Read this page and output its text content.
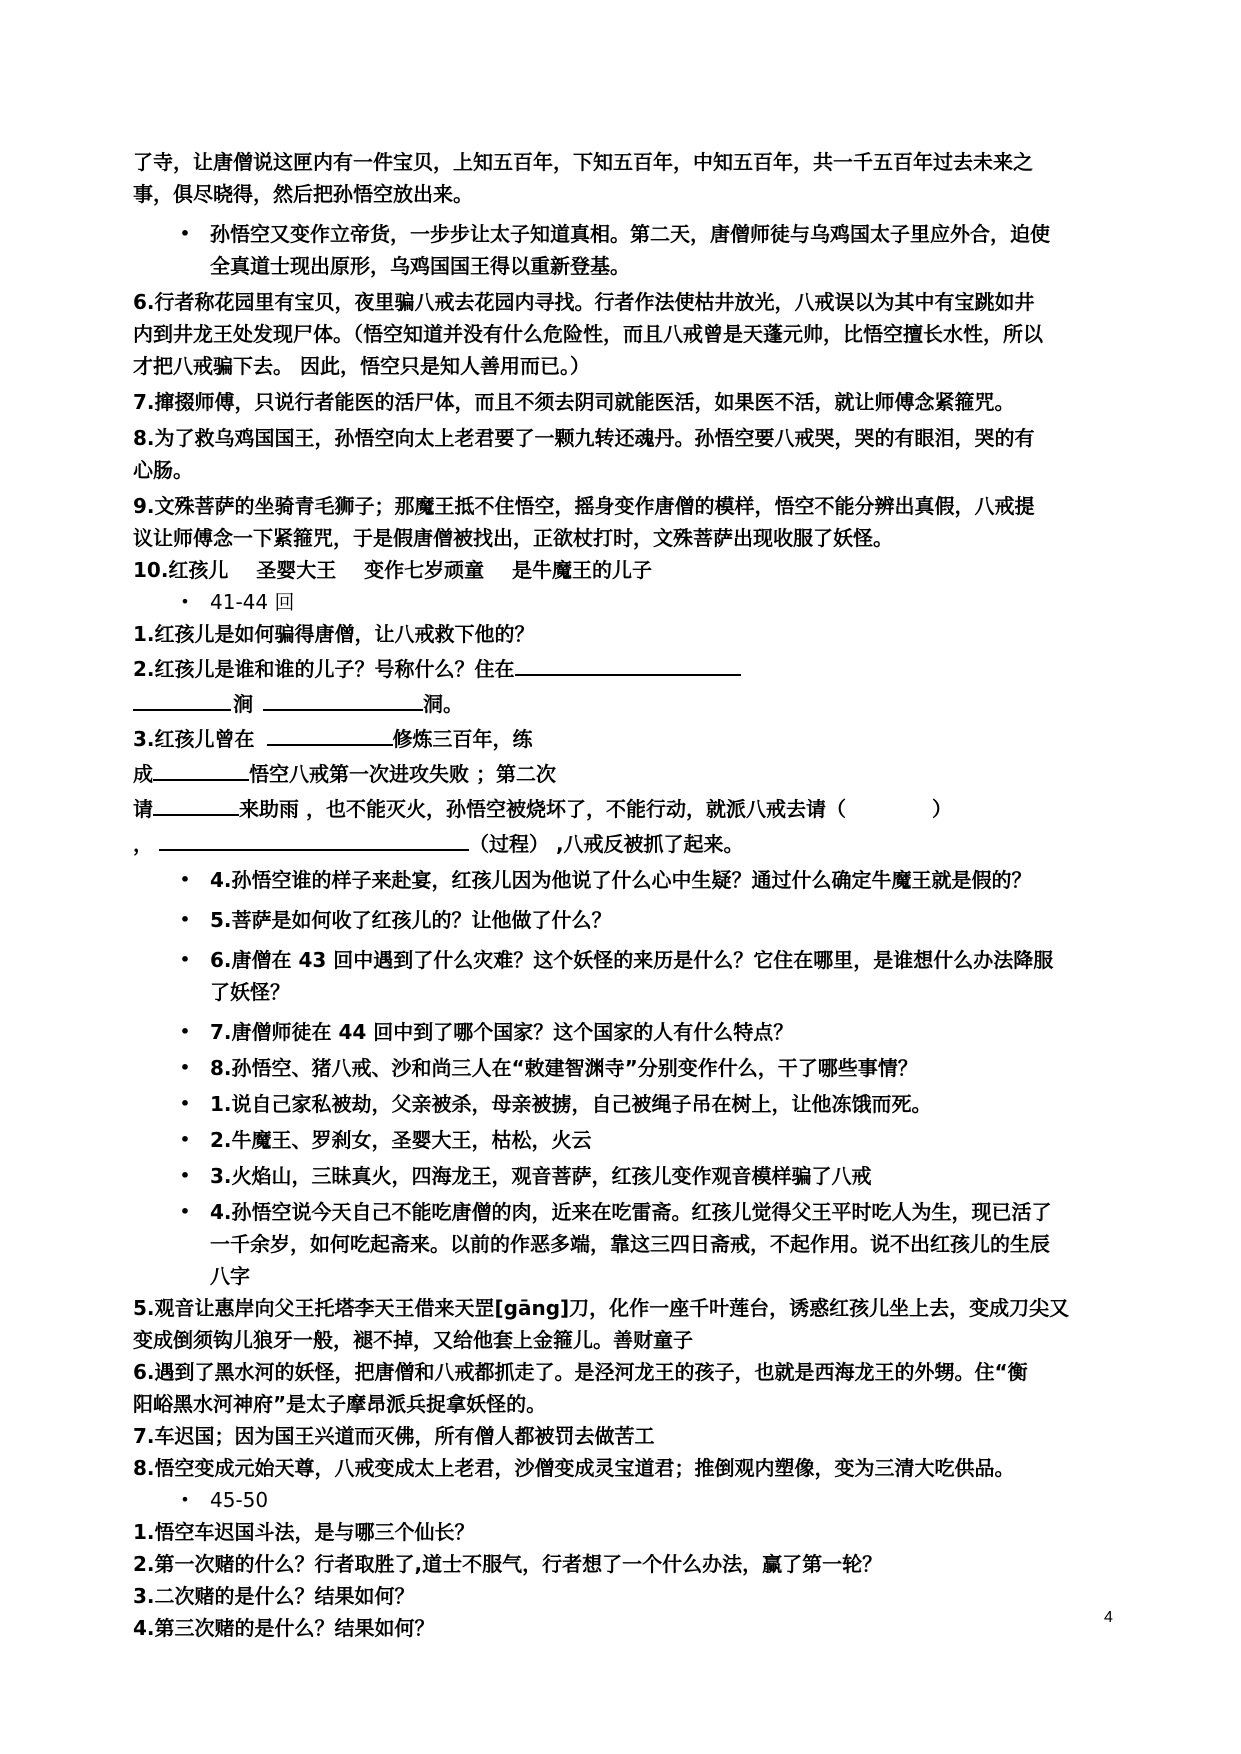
了寺，让唐僧说这匣内有一件宝贝，上知五百年，下知五百年，中知五百年，共一千五百年过去未来之

事，俱尽晓得，然后把孙悟空放出来。

• 孙悟空又变作立帝货，一步步让太子知道真相。第二天，唐僧师徒与乌鸡国太子里应外合，迫使
全真道士现出原形，乌鸡国国王得以重新登基。

6.行者称花园里有宝贝，夜里骗八戒去花园内寻找。行者作法使枯井放光，八戒误以为其中有宝跳如井

内到井龙王处发现尸体。（悟空知道并没有什么危险性，而且八戒曾是天蓬元帅，比悟空擅长水性，所以

才把八戒骗下去。 因此，悟空只是知人善用而已。）

7.撺掇师傅，只说行者能医的活尸体，而且不须去阴司就能医活，如果医不活，就让师傅念紧箍咒。

8.为了救乌鸡国国王，孙悟空向太上老君要了一颗九转还魂丹。孙悟空要八戒哭，哭的有眼泪，哭的有

心肠。

9.文殊菩萨的坐骑青毛狮子；那魔王抵不住悟空，摇身变作唐僧的模样，悟空不能分辨出真假，八戒提

议让师傅念一下紧箍咒，于是假唐僧被找出，正欲杖打时，文殊菩萨出现收服了妖怪。

10.红孩儿    圣婴大王    变作七岁顽童    是牛魔王的儿子

• 41-44 回

1.红孩儿是如何骗得唐僧，让八戒救下他的？

2.红孩儿是谁和谁的儿子？号称什么？住在

涧	洞。

3.红孩儿曾在	修炼三百年，练

成	悟空八戒第一次进攻失败 ；第二次

请	来助雨 ，也不能灭火，孙悟空被烧坏了，不能行动，就派八戒去请（	）

，	（过程） ,八戒反被抓了起来。

• 4.孙悟空谁的样子来赴宴，红孩儿因为他说了什么心中生疑？通过什么确定牛魔王就是假的？
• 5.菩萨是如何收了红孩儿的？让他做了什么？
• 6.唐僧在 43 回中遇到了什么灾难？这个妖怪的来历是什么？它住在哪里，是谁想什么办法降服
了妖怪？
• 7.唐僧师徒在 44 回中到了哪个国家？这个国家的人有什么特点？
• 8.孙悟空、猪八戒、沙和尚三人在“敕建智渊寺”分别变作什么，干了哪些事情？
• 1.说自己家私被劫，父亲被杀，母亲被掳，自己被绳子吊在树上，让他冻饿而死。
• 2.牛魔王、罗刹女，圣婴大王，枯松，火云
• 3.火焰山，三昧真火，四海龙王，观音菩萨，红孩儿变作观音模样骗了八戒
• 4.孙悟空说今天自己不能吃唐僧的肉，近来在吃雷斋。红孩儿觉得父王平时吃人为生，现已活了
一千余岁，如何吃起斋来。以前的作恶多端，靠这三四日斋戒，不起作用。说不出红孩儿的生辰
八字

5.观音让惠岸向父王托塔李天王借来天罡[gāng]刀，化作一座千叶莲台，诱惑红孩儿坐上去，变成刀尖又

变成倒须钩儿狼牙一般，褪不掉，又给他套上金箍儿。善财童子

6.遇到了黑水河的妖怪，把唐僧和八戒都抓走了。是泾河龙王的孩子，也就是西海龙王的外甥。住“衡

阳峪黑水河神府”是太子摩昂派兵捉拿妖怪的。

7.车迟国；因为国王兴道而灭佛，所有僧人都被罚去做苦工

8.悟空变成元始天尊，八戒变成太上老君，沙僧变成灵宝道君；推倒观内塑像，变为三清大吃供品。

• 45-50

1.悟空车迟国斗法，是与哪三个仙长？

2.第一次赌的什么？行者取胜了,道士不服气，行者想了一个什么办法，赢了第一轮？

3.二次赌的是什么？结果如何？

4.第三次赌的是什么？结果如何？	4
